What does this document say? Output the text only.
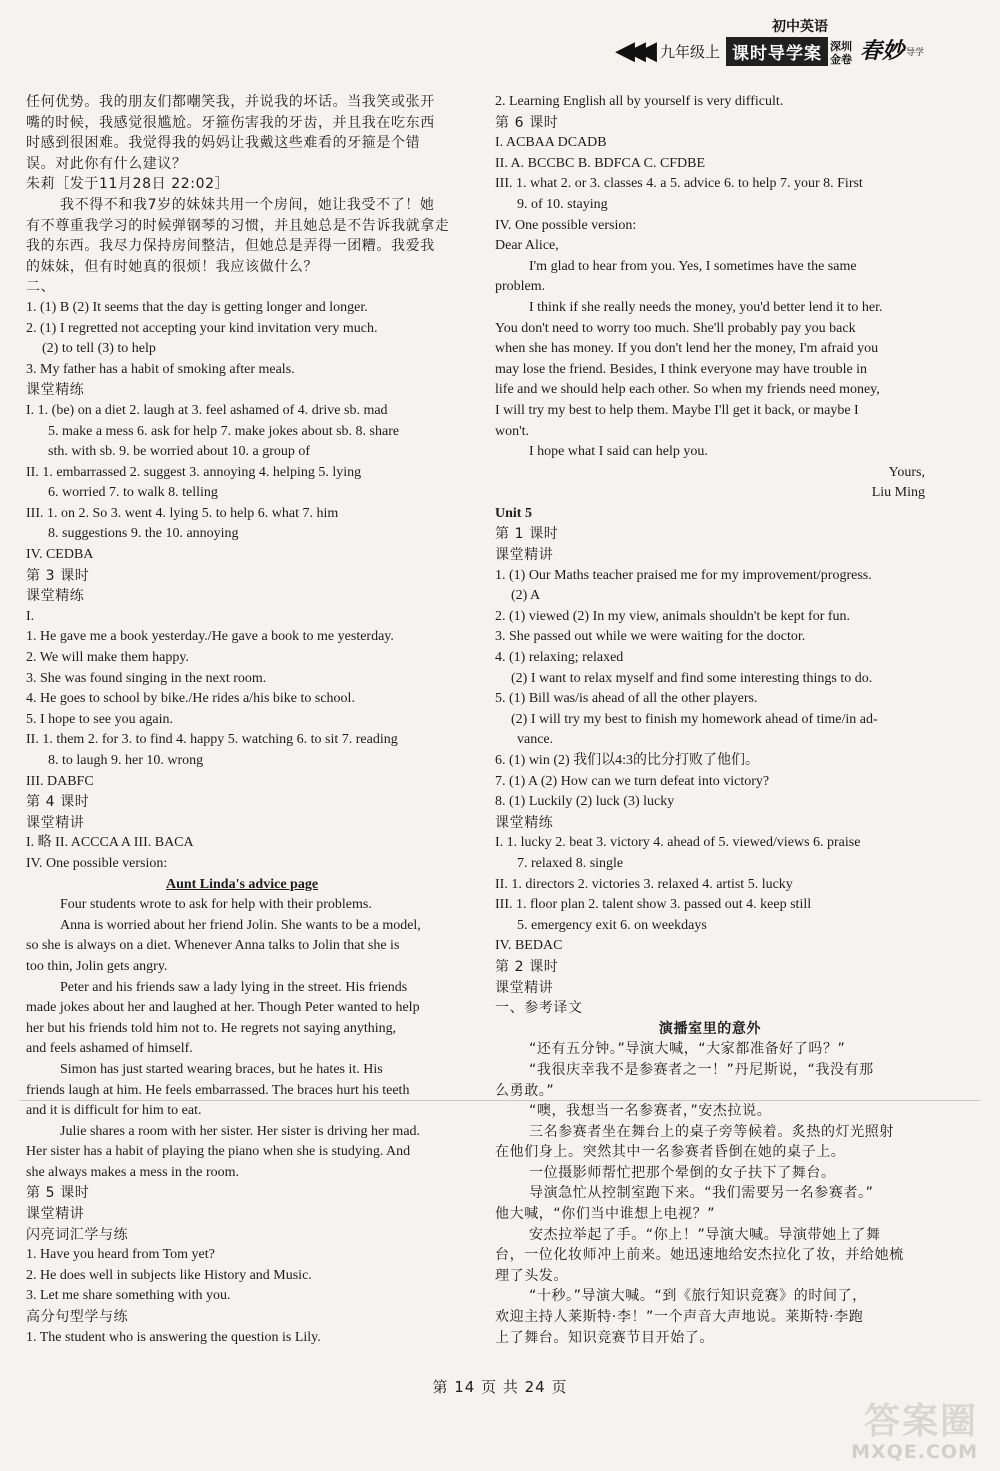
◀◀◀ 九年级上
初中英语
课时导学案 深圳
金卷 春妙 导学
任何优势。我的朋友们都嘲笑我，并说我的坏话。当我笑或张开
嘴的时候，我感觉很尴尬。牙箍伤害我的牙齿，并且我在吃东西
时感到很困难。我觉得我的妈妈让我戴这些难看的牙箍是个错
误。对此你有什么建议？
朱莉［发于11月28日 22:02］
我不得不和我7岁的妹妹共用一个房间，她让我受不了！她
有不尊重我学习的时候弹钢琴的习惯，并且她总是不告诉我就拿走
我的东西。我尽力保持房间整洁，但她总是弄得一团糟。我爱我
的妹妹，但有时她真的很烦！我应该做什么？
二、
1. (1) B (2) It seems that the day is getting longer and longer.
2. (1) I regretted not accepting your kind invitation very much.
(2) to tell (3) to help
3. My father has a habit of smoking after meals.
课堂精练
I. 1. (be) on a diet 2. laugh at 3. feel ashamed of 4. drive sb. mad
5. make a mess 6. ask for help 7. make jokes about sb. 8. share
sth. with sb. 9. be worried about 10. a group of
II. 1. embarrassed 2. suggest 3. annoying 4. helping 5. lying
6. worried 7. to walk 8. telling
III. 1. on 2. So 3. went 4. lying 5. to help 6. what 7. him
8. suggestions 9. the 10. annoying
IV. CEDBA
第 3 课时
课堂精练
I.
1. He gave me a book yesterday./He gave a book to me yesterday.
2. We will make them happy.
3. She was found singing in the next room.
4. He goes to school by bike./He rides a/his bike to school.
5. I hope to see you again.
II. 1. them 2. for 3. to find 4. happy 5. watching 6. to sit 7. reading
8. to laugh 9. her 10. wrong
III. DABFC
第 4 课时
课堂精讲
I. 略 II. ACCCA A III. BACA
IV. One possible version:
Aunt Linda's advice page
Four students wrote to ask for help with their problems.
Anna is worried about her friend Jolin. She wants to be a model,
so she is always on a diet. Whenever Anna talks to Jolin that she is
too thin, Jolin gets angry.
Peter and his friends saw a lady lying in the street. His friends
made jokes about her and laughed at her. Though Peter wanted to help
her but his friends told him not to. He regrets not saying anything,
and feels ashamed of himself.
Simon has just started wearing braces, but he hates it. His
friends laugh at him. He feels embarrassed. The braces hurt his teeth
and it is difficult for him to eat.
Julie shares a room with her sister. Her sister is driving her mad.
Her sister has a habit of playing the piano when she is studying. And
she always makes a mess in the room.
第 5 课时
课堂精讲
闪亮词汇学与练
1. Have you heard from Tom yet?
2. He does well in subjects like History and Music.
3. Let me share something with you.
高分句型学与练
1. The student who is answering the question is Lily.
2. Learning English all by yourself is very difficult.
第 6 课时
I. ACBAA DCADB
II. A. BCCBC B. BDFCA C. CFDBE
III. 1. what 2. or 3. classes 4. a 5. advice 6. to help 7. your 8. First
9. of 10. staying
IV. One possible version:
Dear Alice,
I'm glad to hear from you. Yes, I sometimes have the same
problem.
I think if she really needs the money, you'd better lend it to her.
You don't need to worry too much. She'll probably pay you back
when she has money. If you don't lend her the money, I'm afraid you
may lose the friend. Besides, I think everyone may have trouble in
life and we should help each other. So when my friends need money,
I will try my best to help them. Maybe I'll get it back, or maybe I
won't.
I hope what I said can help you.
Yours,
Liu Ming
Unit 5
第 1 课时
课堂精讲
1. (1) Our Maths teacher praised me for my improvement/progress.
(2) A
2. (1) viewed (2) In my view, animals shouldn't be kept for fun.
3. She passed out while we were waiting for the doctor.
4. (1) relaxing; relaxed
(2) I want to relax myself and find some interesting things to do.
5. (1) Bill was/is ahead of all the other players.
(2) I will try my best to finish my homework ahead of time/in ad-
vance.
6. (1) win (2) 我们以4:3的比分打败了他们。
7. (1) A (2) How can we turn defeat into victory?
8. (1) Luckily (2) luck (3) lucky
课堂精练
I. 1. lucky 2. beat 3. victory 4. ahead of 5. viewed/views 6. praise
7. relaxed 8. single
II. 1. directors 2. victories 3. relaxed 4. artist 5. lucky
III. 1. floor plan 2. talent show 3. passed out 4. keep still
5. emergency exit 6. on weekdays
IV. BEDAC
第 2 课时
课堂精讲
一、参考译文
演播室里的意外
“还有五分钟。”导演大喊，“大家都准备好了吗？”
“我很庆幸我不是参赛者之一！”丹尼斯说，“我没有那
么勇敢。”
“噢，我想当一名参赛者，”安杰拉说。
三名参赛者坐在舞台上的桌子旁等候着。炙热的灯光照射
在他们身上。突然其中一名参赛者昏倒在她的桌子上。
一位摄影师帮忙把那个晕倒的女子扶下了舞台。
导演急忙从控制室跑下来。“我们需要另一名参赛者。”
他大喊，“你们当中谁想上电视？”
安杰拉举起了手。“你上！”导演大喊。导演带她上了舞
台，一位化妆师冲上前来。她迅速地给安杰拉化了妆，并给她梳
理了头发。
“十秒。”导演大喊。“到《旅行知识竞赛》的时间了，
欢迎主持人莱斯特·李！”一个声音大声地说。莱斯特·李跑
上了舞台。知识竞赛节目开始了。
第 14 页 共 24 页
答案圈
MXQE.COM
